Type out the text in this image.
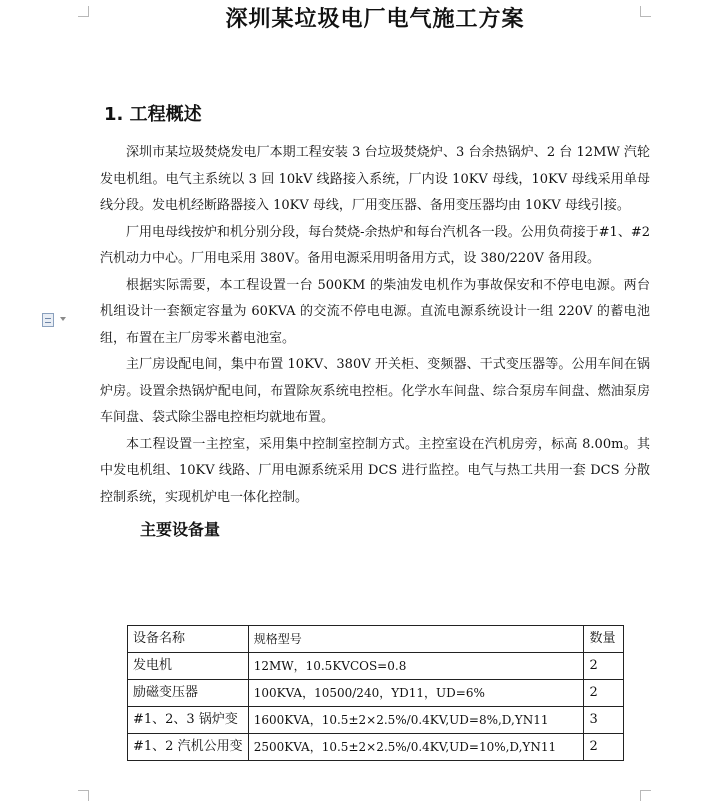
深圳某垃圾电厂电气施工方案
1. 工程概述

深圳市某垃圾焚烧发电厂本期工程安装 3 台垃圾焚烧炉、3 台余热锅炉、2 台 12MW 汽轮发电机组。电气主系统以 3 回 10kV 线路接入系统，厂内设 10KV 母线，10KV 母线采用单母线分段。发电机经断路器接入 10KV 母线，厂用变压器、备用变压器均由 10KV 母线引接。

厂用电母线按炉和机分别分段，每台焚烧-余热炉和每台汽机各一段。公用负荷接于#1、#2 汽机动力中心。厂用电采用 380V。备用电源采用明备用方式，设 380/220V 备用段。

根据实际需要，本工程设置一台 500KM 的柴油发电机作为事故保安和不停电电源。两台机组设计一套额定容量为 60KVA 的交流不停电电源。直流电源系统设计一组 220V 的蓄电池组，布置在主厂房零米蓄电池室。

主厂房设配电间，集中布置 10KV、380V 开关柜、变频器、干式变压器等。公用车间在锅炉房。设置余热锅炉配电间，布置除灰系统电控柜。化学水车间盘、综合泵房车间盘、燃油泵房车间盘、袋式除尘器电控柜均就地布置。

本工程设置一主控室，采用集中控制室控制方式。主控室设在汽机房旁，标高 8.00m。其中发电机组、10KV 线路、厂用电源系统采用 DCS 进行监控。电气与热工共用一套 DCS 分散控制系统，实现机炉电一体化控制。

主要设备量
设备名称	规格型号	数量
发电机	12MW，10.5KVCOS=0.8	2
励磁变压器	100KVA，10500/240，YD11，UD=6%	2
#1、2、3 锅炉变	1600KVA，10.5±2×2.5%/0.4KV,UD=8%,D,YN11	3
#1、2 汽机公用变	2500KVA，10.5±2×2.5%/0.4KV,UD=10%,D,YN11	2
